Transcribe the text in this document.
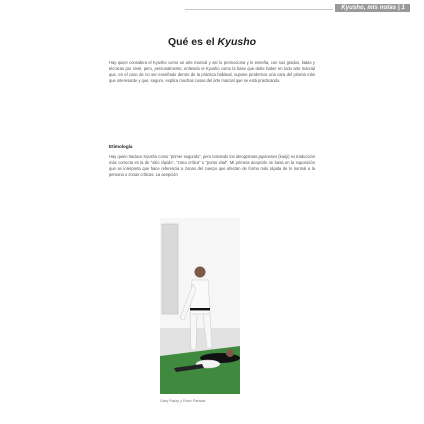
Kyusho, mis notas | 1
Qué es el Kyusho

Hay quien considera el Kyusho como un arte marcial y así lo promociona y lo enseña, con sus grados, katas y técnicas por nivel, pero, personalmente, entiendo el Kyusho como la base que debe haber en todo arte marcial que, en el caso de no ser enseñado dentro de la práctica habitual, supone perdernos una cara del prisma más que interesante y que, seguro, explica muchas cosas del arte marcial que se está practicando.

Etimología

Hay quien traduce Kyusho como “primer segundo”, pero tomando los ideogramas japoneses (kanji) su traducción más correcta es la de “sitio rápido”, “zona crítica” o “punto vital”. Mi primera acepción se basa en la suposición que se interpreta que hace referencia a zonas del cuerpo que afectan de forma más rápida de lo normal a la persona o zonas críticas. La acepción

Gary Ratzy y Evan Pantazi.
